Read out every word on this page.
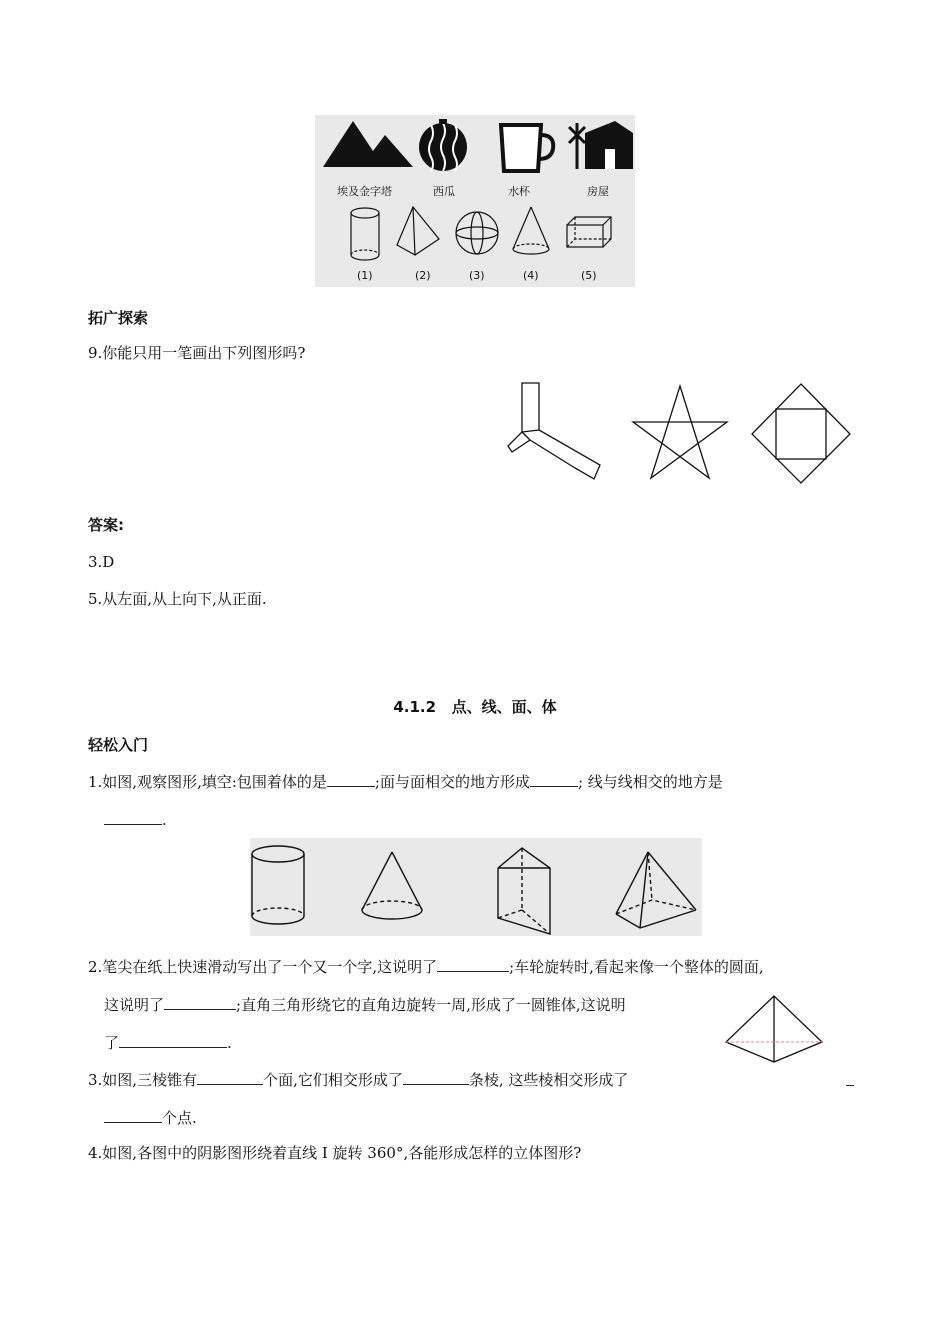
埃及金字塔	西瓜	水杯	房屋
(1)	(2)	(3)	(4)	(5)
拓广探索
9.你能只用一笔画出下列图形吗?
答案:
3.D
5.从左面,从上向下,从正面.
4.1.2   点、线、面、体
轻松入门
1.如图,观察图形,填空:包围着体的是	;面与面相交的地方形成	; 线与线相交的地方是
.
2.笔尖在纸上快速滑动写出了一个又一个字,这说明了	;车轮旋转时,看起来像一个整体的圆面,
这说明了	;直角三角形绕它的直角边旋转一周,形成了一圆锥体,这说明
了	.
3.如图,三棱锥有	个面,它们相交形成了	条棱, 这些棱相交形成了
个点.
4.如图,各图中的阴影图形绕着直线 I 旋转 360°,各能形成怎样的立体图形?
